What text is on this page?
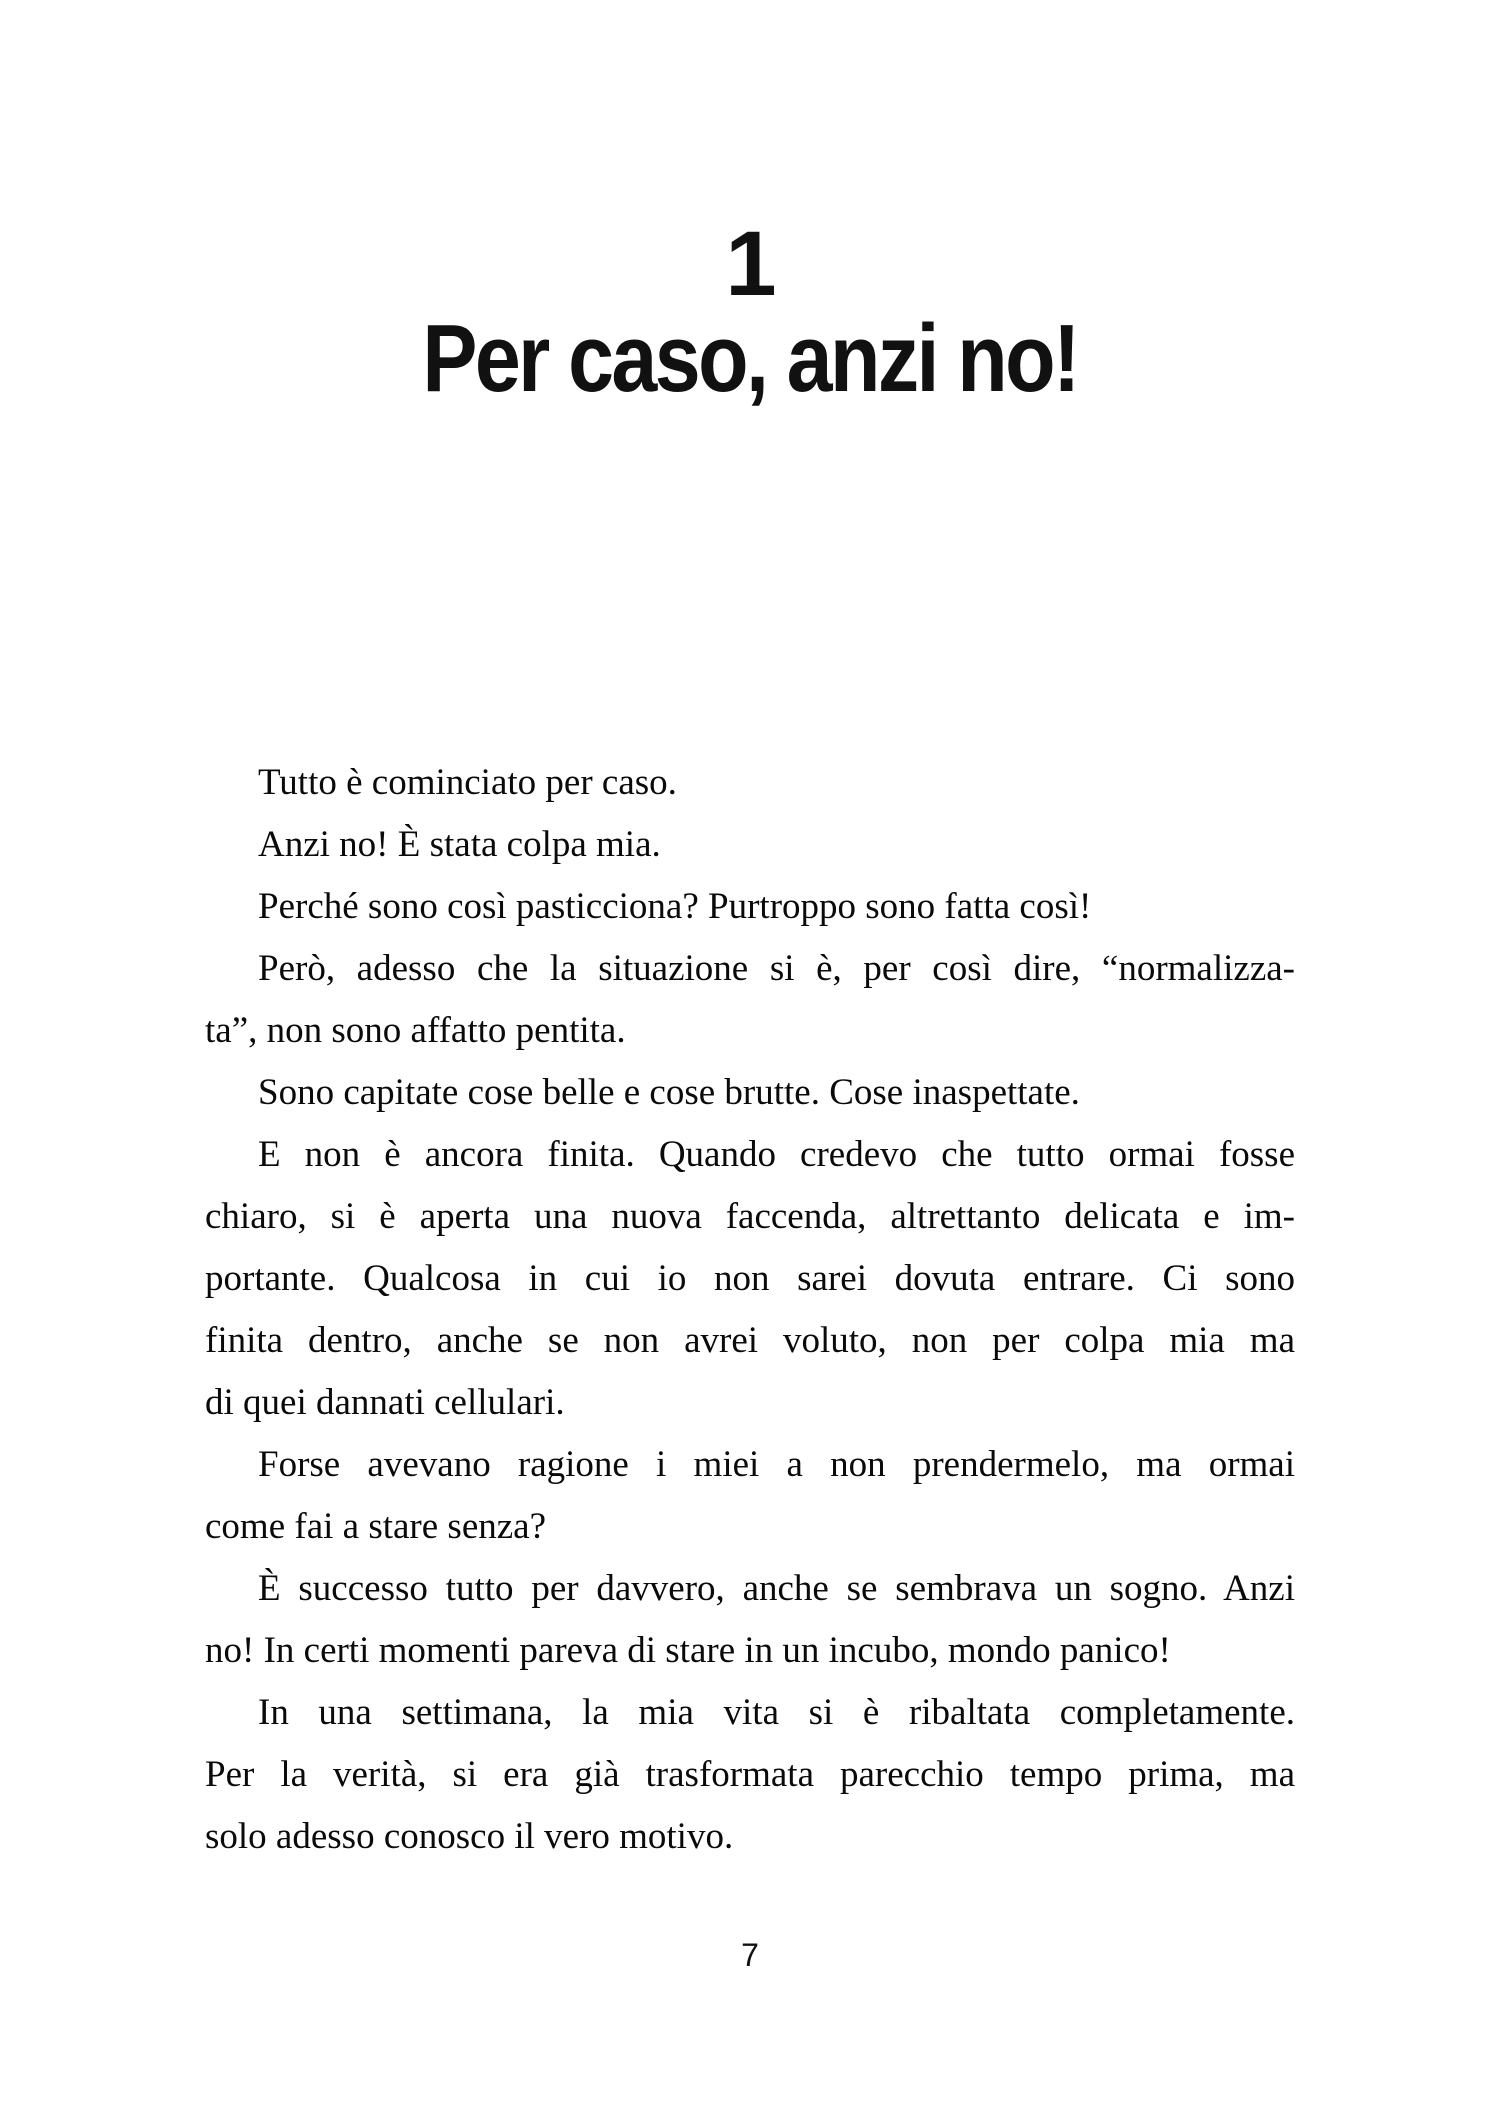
1
Per caso, anzi no!
Tutto è cominciato per caso.
Anzi no! È stata colpa mia.
Perché sono così pasticciona? Purtroppo sono fatta così!
Però, adesso che la situazione si è, per così dire, “normalizza-
ta”, non sono affatto pentita.
Sono capitate cose belle e cose brutte. Cose inaspettate.
E non è ancora finita. Quando credevo che tutto ormai fosse
chiaro, si è aperta una nuova faccenda, altrettanto delicata e im-
portante. Qualcosa in cui io non sarei dovuta entrare. Ci sono
finita dentro, anche se non avrei voluto, non per colpa mia ma
di quei dannati cellulari.
Forse avevano ragione i miei a non prendermelo, ma ormai
come fai a stare senza?
È successo tutto per davvero, anche se sembrava un sogno. Anzi
no! In certi momenti pareva di stare in un incubo, mondo panico!
In una settimana, la mia vita si è ribaltata completamente.
Per la verità, si era già trasformata parecchio tempo prima, ma
solo adesso conosco il vero motivo.
7
